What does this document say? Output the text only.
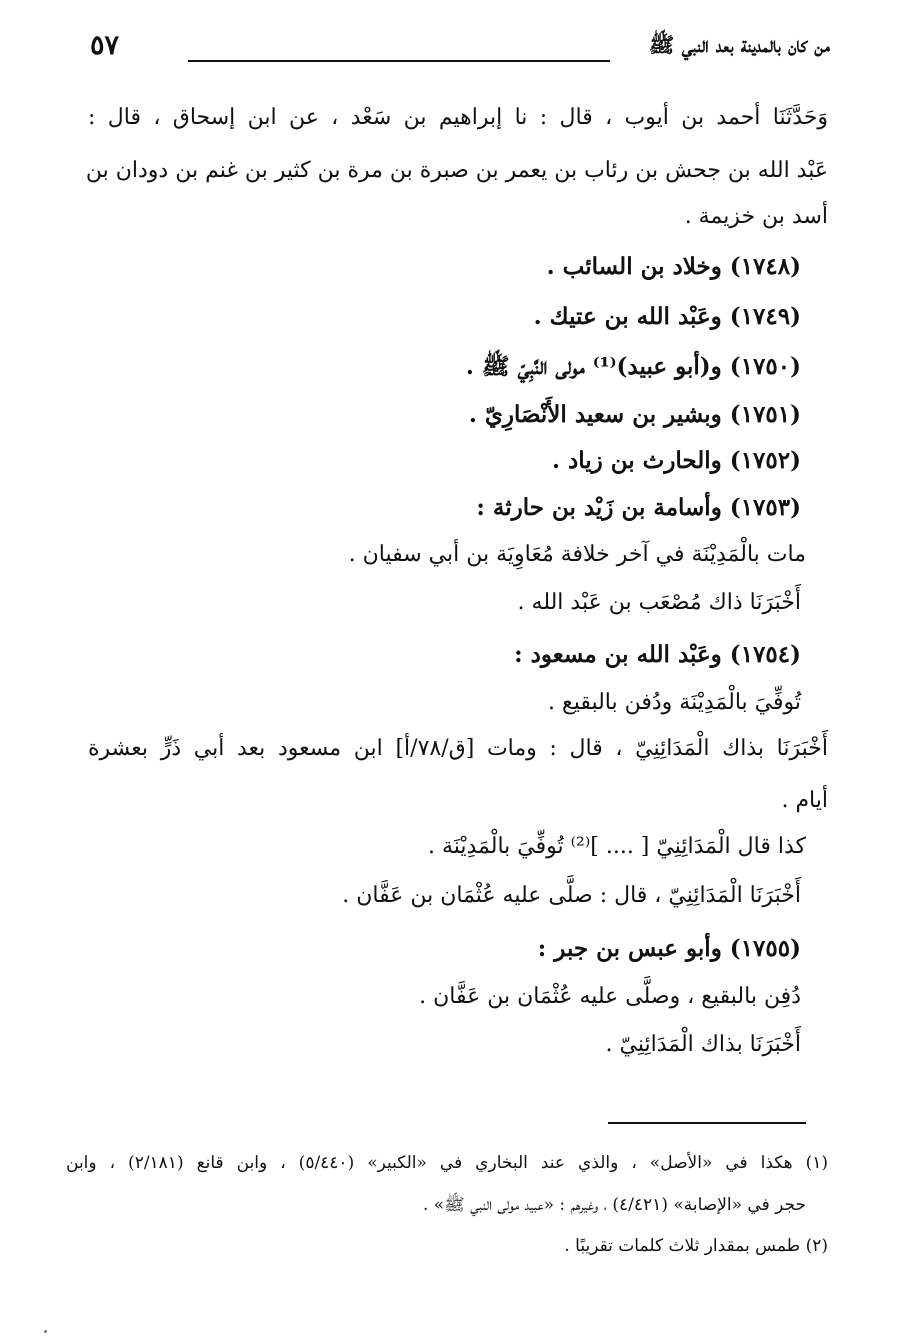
٥٧	من كان بالمدينة بعد النبي ﷺ
وَحَدَّثَنَا أحمد بن أيوب ، قال : نا إبراهيم بن سَعْد ، عن ابن إسحاق ، قال :
عَبْد الله بن جحش بن رئاب بن يعمر بن صبرة بن مرة بن كثير بن غنم بن دودان بن
أسد بن خزيمة .
(١٧٤٨) وخلاد بن السائب .
(١٧٤٩) وعَبْد الله بن عتيك .
(١٧٥٠) و(أبو عبيد)⁽¹⁾ مولى النَّبِيّ ﷺ .
(١٧٥١) وبشير بن سعيد الأَنْصَارِيّ .
(١٧٥٢) والحارث بن زياد .
(١٧٥٣) وأسامة بن زَيْد بن حارثة :
مات بالْمَدِيْنَة في آخر خلافة مُعَاوِيَة بن أبي سفيان .
أَخْبَرَنَا ذاك مُصْعَب بن عَبْد الله .
(١٧٥٤) وعَبْد الله بن مسعود :
تُوفِّيَ بالْمَدِيْنَة ودُفن بالبقيع .
أَخْبَرَنَا بذاك الْمَدَائِنِيّ ، قال : ومات [ق/٧٨/أ] ابن مسعود بعد أبي ذَرٍّ بعشرة
أيام .
كذا قال الْمَدَائِنِيّ [ .... ]⁽²⁾ تُوفِّيَ بالْمَدِيْنَة .
أَخْبَرَنَا الْمَدَائِنِيّ ، قال : صلَّى عليه عُثْمَان بن عَفَّان .
(١٧٥٥) وأبو عبس بن جبر :
دُفِن بالبقيع ، وصلَّى عليه عُثْمَان بن عَفَّان .
أَخْبَرَنَا بذاك الْمَدَائِنِيّ .
(١) هكذا في «الأصل» ، والذي عند البخاري في «الكبير» (٥/٤٤٠) ، وابن قانع (٢/١٨١) ، وابن
حجر في «الإصابة» (٤/٤٢١) ، وغيرهم : «عبيد مولى النبي ﷺ» .
(٢) طمس بمقدار ثلاث كلمات تقريبًا .
